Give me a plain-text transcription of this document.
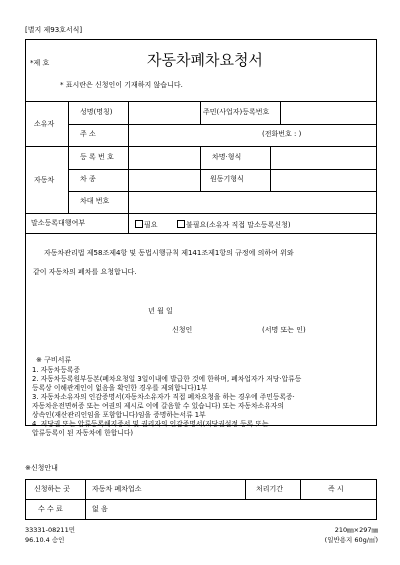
[별지 제93호서식]
*제 호	자동차폐차요청서
* 표시란은 신청인이 기재하지 않습니다.
소유자
성명(명칭)	주민(사업자)등록번호
주 소	(전화번호 : )
자동차
등 록 번 호	차명·형식
차 종	원동기형식
차대 번호
말소등록대행여부	필요	불필요(소유자 직접 말소등록신청)
자동차관리법 제58조제4항 및 동법시행규칙 제141조제1항의 규정에 의하여 위와
같이 자동차의 폐차를 요청합니다.
년 월 일
신청인	(서명 또는 인)
※ 구비서류
1. 자동차등록증
2. 자동차등록원부등본(폐차요청일 3일이내에 발급한 것에 한하며, 폐차업자가 저당·압류등
등록상 이해관계인이 없음을 확인한 경우를 제외합니다)1부
3. 자동차소유자의 인감증명서(자동차소유자가 직접 폐차요청을 하는 경우에 주민등록증·
자동차운전면허증 또는 여권의 제시로 이에 갈음할 수 있습니다) 또는 자동차소유자의
상속인(재산관리인임을 포함합니다)임을 증명하는서류 1부
4. 저당권 또는 압류등록해지증서 및 권리자의 인감증명서(저당권설정 등록 또는
압류등록이 된 자동차에 한합니다)
※신청안내
신청하는 곳	자동차 폐차업소	처리기간	즉 시
수 수 료	없 음
33331-08211민
96.10.4 승인
210㎜×297㎜
(일반용지 60g/㎡)
